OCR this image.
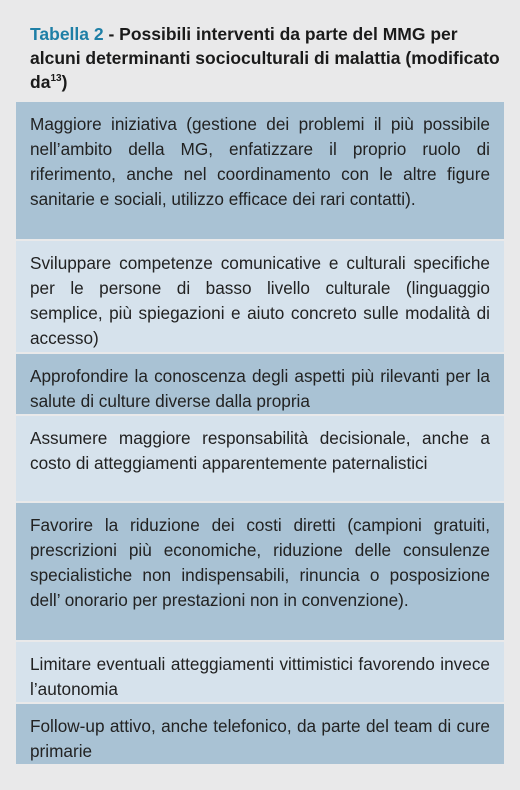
Tabella 2 - Possibili interventi da parte del MMG per alcuni determinanti socioculturali di malattia (modificato $da^{13}$)
Maggiore iniziativa (gestione dei problemi il più possibile nell’ambito della MG, enfatizzare il proprio ruolo di riferimento, anche nel coordinamento con le altre figure sanitarie e sociali, utilizzo efficace dei rari contatti).
Sviluppare competenze comunicative e culturali specifiche per le persone di basso livello culturale (linguaggio semplice, più spiegazioni e aiuto concreto sulle modalità di accesso)
Approfondire la conoscenza degli aspetti più rilevanti per la salute di culture diverse dalla propria
Assumere maggiore responsabilità decisionale, anche a costo di atteggiamenti apparentemente paternalistici
Favorire la riduzione dei costi diretti (campioni gratuiti, prescrizioni più economiche, riduzione delle consulenze specialistiche non indispensabili, rinuncia o posposizione dell’ onorario per prestazioni non in convenzione).
Limitare eventuali atteggiamenti vittimistici favorendo invece l’autonomia
Follow-up attivo, anche telefonico, da parte del team di cure primarie
